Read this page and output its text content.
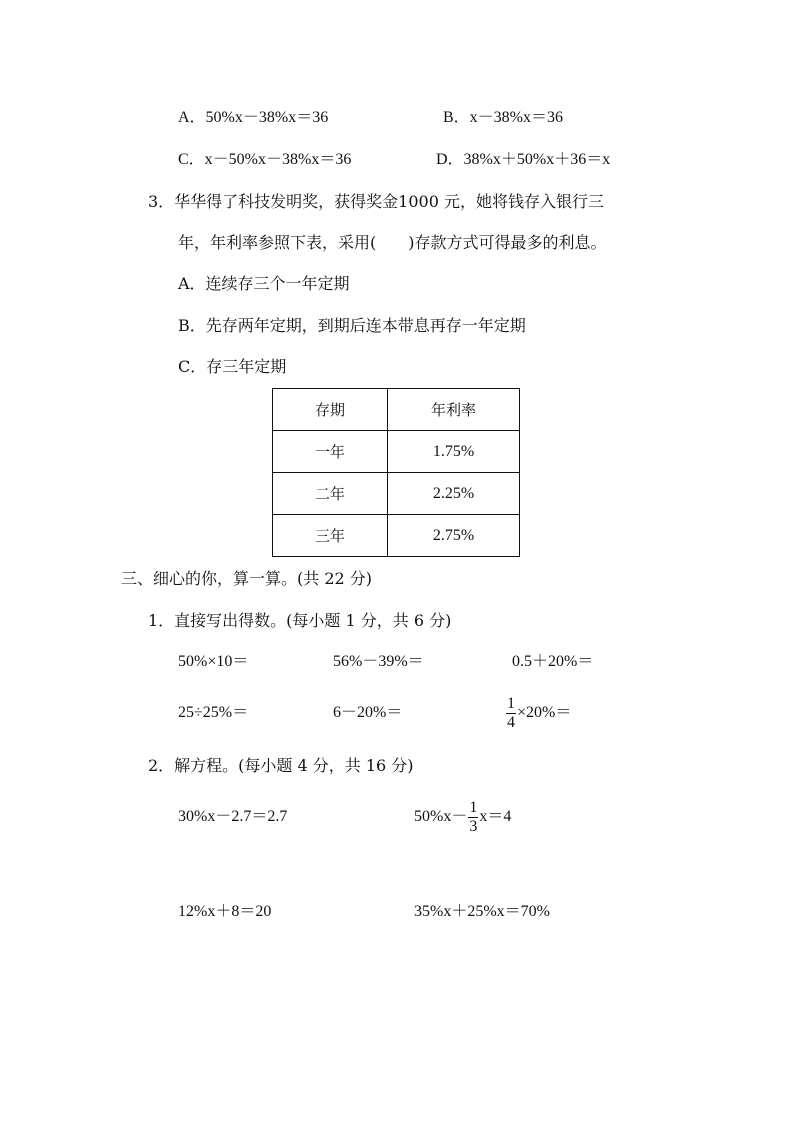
A．50%x－38%x＝36	B．x－38%x＝36
C．x－50%x－38%x＝36	D．38%x＋50%x＋36＝x
3．华华得了科技发明奖，获得奖金1000 元，她将钱存入银行三
年，年利率参照下表，采用(　　)存款方式可得最多的利息。
A．连续存三个一年定期
B．先存两年定期，到期后连本带息再存一年定期
C．存三年定期
存期	年利率
一年	1.75%
二年	2.25%
三年	2.75%
三、细心的你，算一算。(共 22 分)
1．直接写出得数。(每小题 1 分，共 6 分)
50%×10＝	56%－39%＝	0.5＋20%＝
25÷25%＝	6－20%＝	$\frac{1}{4} \times 20\%=$
2．解方程。(每小题 4 分，共 16 分)
30%x－2.7＝2.7	$50\%x- \frac{1}{3} x=4$
12%x＋8＝20	35%x＋25%x＝70%
